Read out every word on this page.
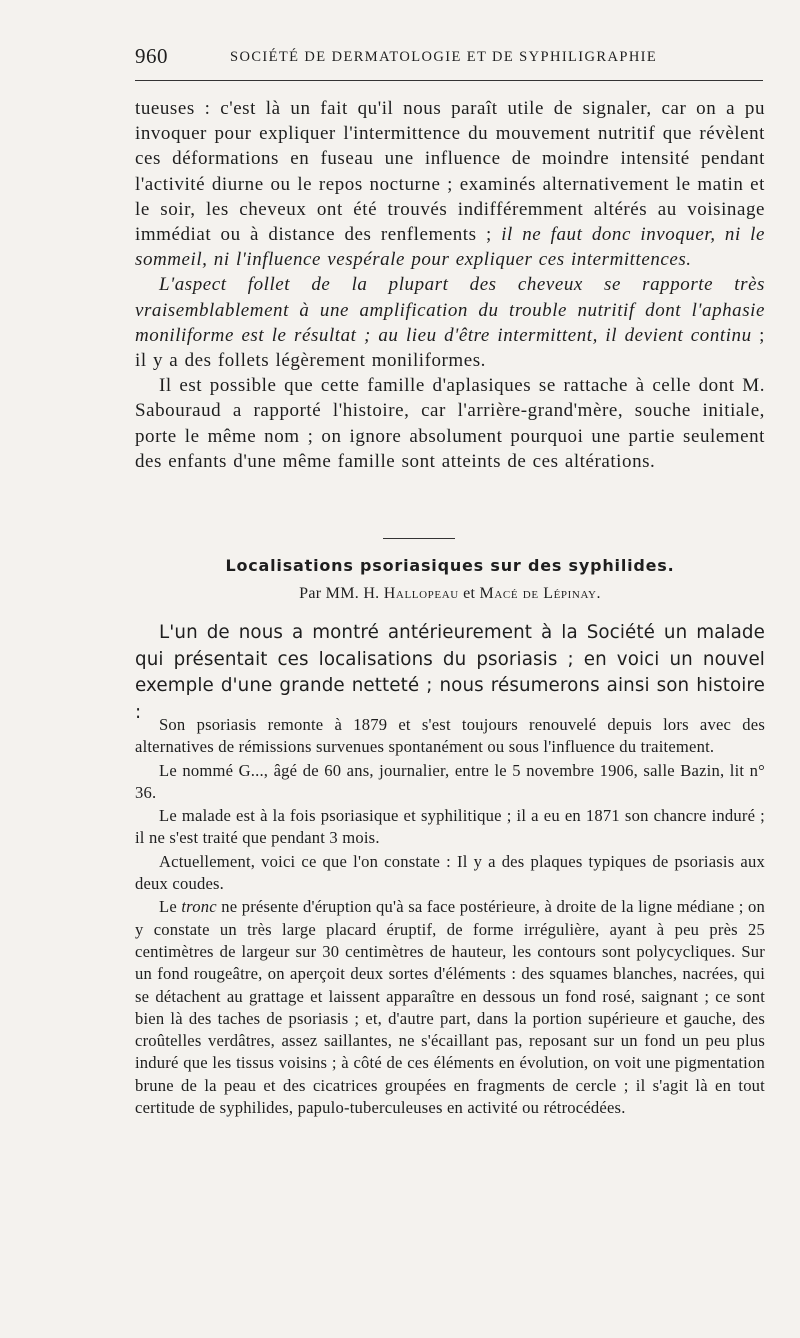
960	SOCIÉTÉ DE DERMATOLOGIE ET DE SYPHILIGRAPHIE

tueuses : c'est là un fait qu'il nous paraît utile de signaler, car on a pu invoquer pour expliquer l'intermittence du mouvement nutritif que révèlent ces déformations en fuseau une influence de moindre intensité pendant l'activité diurne ou le repos nocturne ; examinés alternativement le matin et le soir, les cheveux ont été trouvés indifféremment altérés au voisinage immédiat ou à distance des renflements ; il ne faut donc invoquer, ni le sommeil, ni l'influence vespérale pour expliquer ces intermittences.

L'aspect follet de la plupart des cheveux se rapporte très vraisemblablement à une amplification du trouble nutritif dont l'aphasie moniliforme est le résultat ; au lieu d'être intermittent, il devient continu ; il y a des follets légèrement moniliformes.

Il est possible que cette famille d'aplasiques se rattache à celle dont M. Sabouraud a rapporté l'histoire, car l'arrière-grand'mère, souche initiale, porte le même nom ; on ignore absolument pourquoi une partie seulement des enfants d'une même famille sont atteints de ces altérations.

Localisations psoriasiques sur des syphilides.
Par MM. H. Hallopeau et Macé de Lépinay.

L'un de nous a montré antérieurement à la Société un malade qui présentait ces localisations du psoriasis ; en voici un nouvel exemple d'une grande netteté ; nous résumerons ainsi son histoire :

Son psoriasis remonte à 1879 et s'est toujours renouvelé depuis lors avec des alternatives de rémissions survenues spontanément ou sous l'influence du traitement.

Le nommé G..., âgé de 60 ans, journalier, entre le 5 novembre 1906, salle Bazin, lit n° 36.

Le malade est à la fois psoriasique et syphilitique ; il a eu en 1871 son chancre induré ; il ne s'est traité que pendant 3 mois.

Actuellement, voici ce que l'on constate : Il y a des plaques typiques de psoriasis aux deux coudes.

Le tronc ne présente d'éruption qu'à sa face postérieure, à droite de la ligne médiane ; on y constate un très large placard éruptif, de forme irrégulière, ayant à peu près 25 centimètres de largeur sur 30 centimètres de hauteur, les contours sont polycycliques. Sur un fond rougeâtre, on aperçoit deux sortes d'éléments : des squames blanches, nacrées, qui se détachent au grattage et laissent apparaître en dessous un fond rosé, saignant ; ce sont bien là des taches de psoriasis ; et, d'autre part, dans la portion supérieure et gauche, des croûtelles verdâtres, assez saillantes, ne s'écaillant pas, reposant sur un fond un peu plus induré que les tissus voisins ; à côté de ces éléments en évolution, on voit une pigmentation brune de la peau et des cicatrices groupées en fragments de cercle ; il s'agit là en tout certitude de syphilides, papulo-tuberculeuses en activité ou rétrocédées.
